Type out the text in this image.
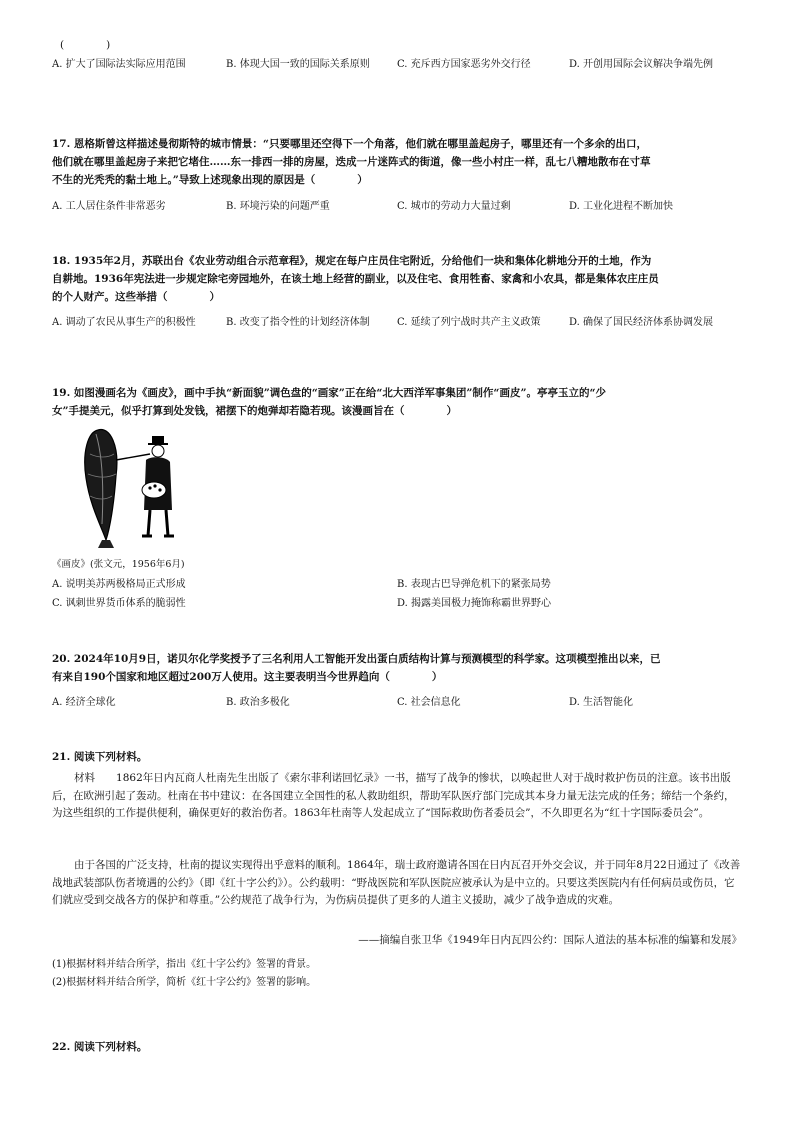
(　　　　)
A. 扩大了国际法实际应用范围	B. 体现大国一致的国际关系原则	C. 充斥西方国家恶劣外交行径	D. 开创用国际会议解决争端先例
17. 恩格斯曾这样描述曼彻斯特的城市情景：“只要哪里还空得下一个角落，他们就在哪里盖起房子，哪里还有一个多余的出口，
他们就在哪里盖起房子来把它堵住……东一排西一排的房屋，迭成一片迷阵式的街道，像一些小村庄一样，乱七八糟地散布在寸草
不生的光秃秃的黏土地上。”导致上述现象出现的原因是（　　　　）
A. 工人居住条件非常恶劣	B. 环境污染的问题严重	C. 城市的劳动力大量过剩	D. 工业化进程不断加快
18. 1935年2月，苏联出台《农业劳动组合示范章程》，规定在每户庄员住宅附近，分给他们一块和集体化耕地分开的土地，作为
自耕地。1936年宪法进一步规定除宅旁园地外，在该土地上经营的副业，以及住宅、食用牲畜、家禽和小农具，都是集体农庄庄员
的个人财产。这些举措（　　　　）
A. 调动了农民从事生产的积极性	B. 改变了指令性的计划经济体制	C. 延续了列宁战时共产主义政策	D. 确保了国民经济体系协调发展
19. 如图漫画名为《画皮》，画中手执“新面貌”调色盘的“画家”正在给“北大西洋军事集团”制作“画皮”。亭亭玉立的“少
女”手提美元，似乎打算到处发钱，裙摆下的炮弹却若隐若现。该漫画旨在（　　　　）
《画皮》(张文元，1956年6月)
A. 说明美苏两极格局正式形成	B. 表现古巴导弹危机下的紧张局势
C. 讽刺世界货币体系的脆弱性	D. 揭露美国极力掩饰称霸世界野心
20. 2024年10月9日，诺贝尔化学奖授予了三名利用人工智能开发出蛋白质结构计算与预测模型的科学家。这项模型推出以来，已
有来自190个国家和地区超过200万人使用。这主要表明当今世界趋向（　　　　）
A. 经济全球化	B. 政治多极化	C. 社会信息化	D. 生活智能化
21. 阅读下列材料。
材料　　1862年日内瓦商人杜南先生出版了《索尔菲利诺回忆录》一书，描写了战争的惨状，以唤起世人对于战时救护伤员的注意。该书出版后，在欧洲引起了轰动。杜南在书中建议：在各国建立全国性的私人救助组织，帮助军队医疗部门完成其本身力量无法完成的任务；缔结一个条约，为这些组织的工作提供便利，确保更好的救治伤者。1863年杜南等人发起成立了“国际救助伤者委员会”，不久即更名为“红十字国际委员会”。
由于各国的广泛支持，杜南的提议实现得出乎意料的顺利。1864年，瑞士政府邀请各国在日内瓦召开外交会议，并于同年8月22日通过了《改善战地武装部队伤者境遇的公约》（即《红十字公约》）。公约载明：“野战医院和军队医院应被承认为是中立的。只要这类医院内有任何病员或伤员，它们就应受到交战各方的保护和尊重。”公约规范了战争行为，为伤病员提供了更多的人道主义援助，减少了战争造成的灾难。
——摘编自张卫华《1949年日内瓦四公约：国际人道法的基本标准的编纂和发展》
(1)根据材料并结合所学，指出《红十字公约》签署的背景。
(2)根据材料并结合所学，简析《红十字公约》签署的影响。
22. 阅读下列材料。
